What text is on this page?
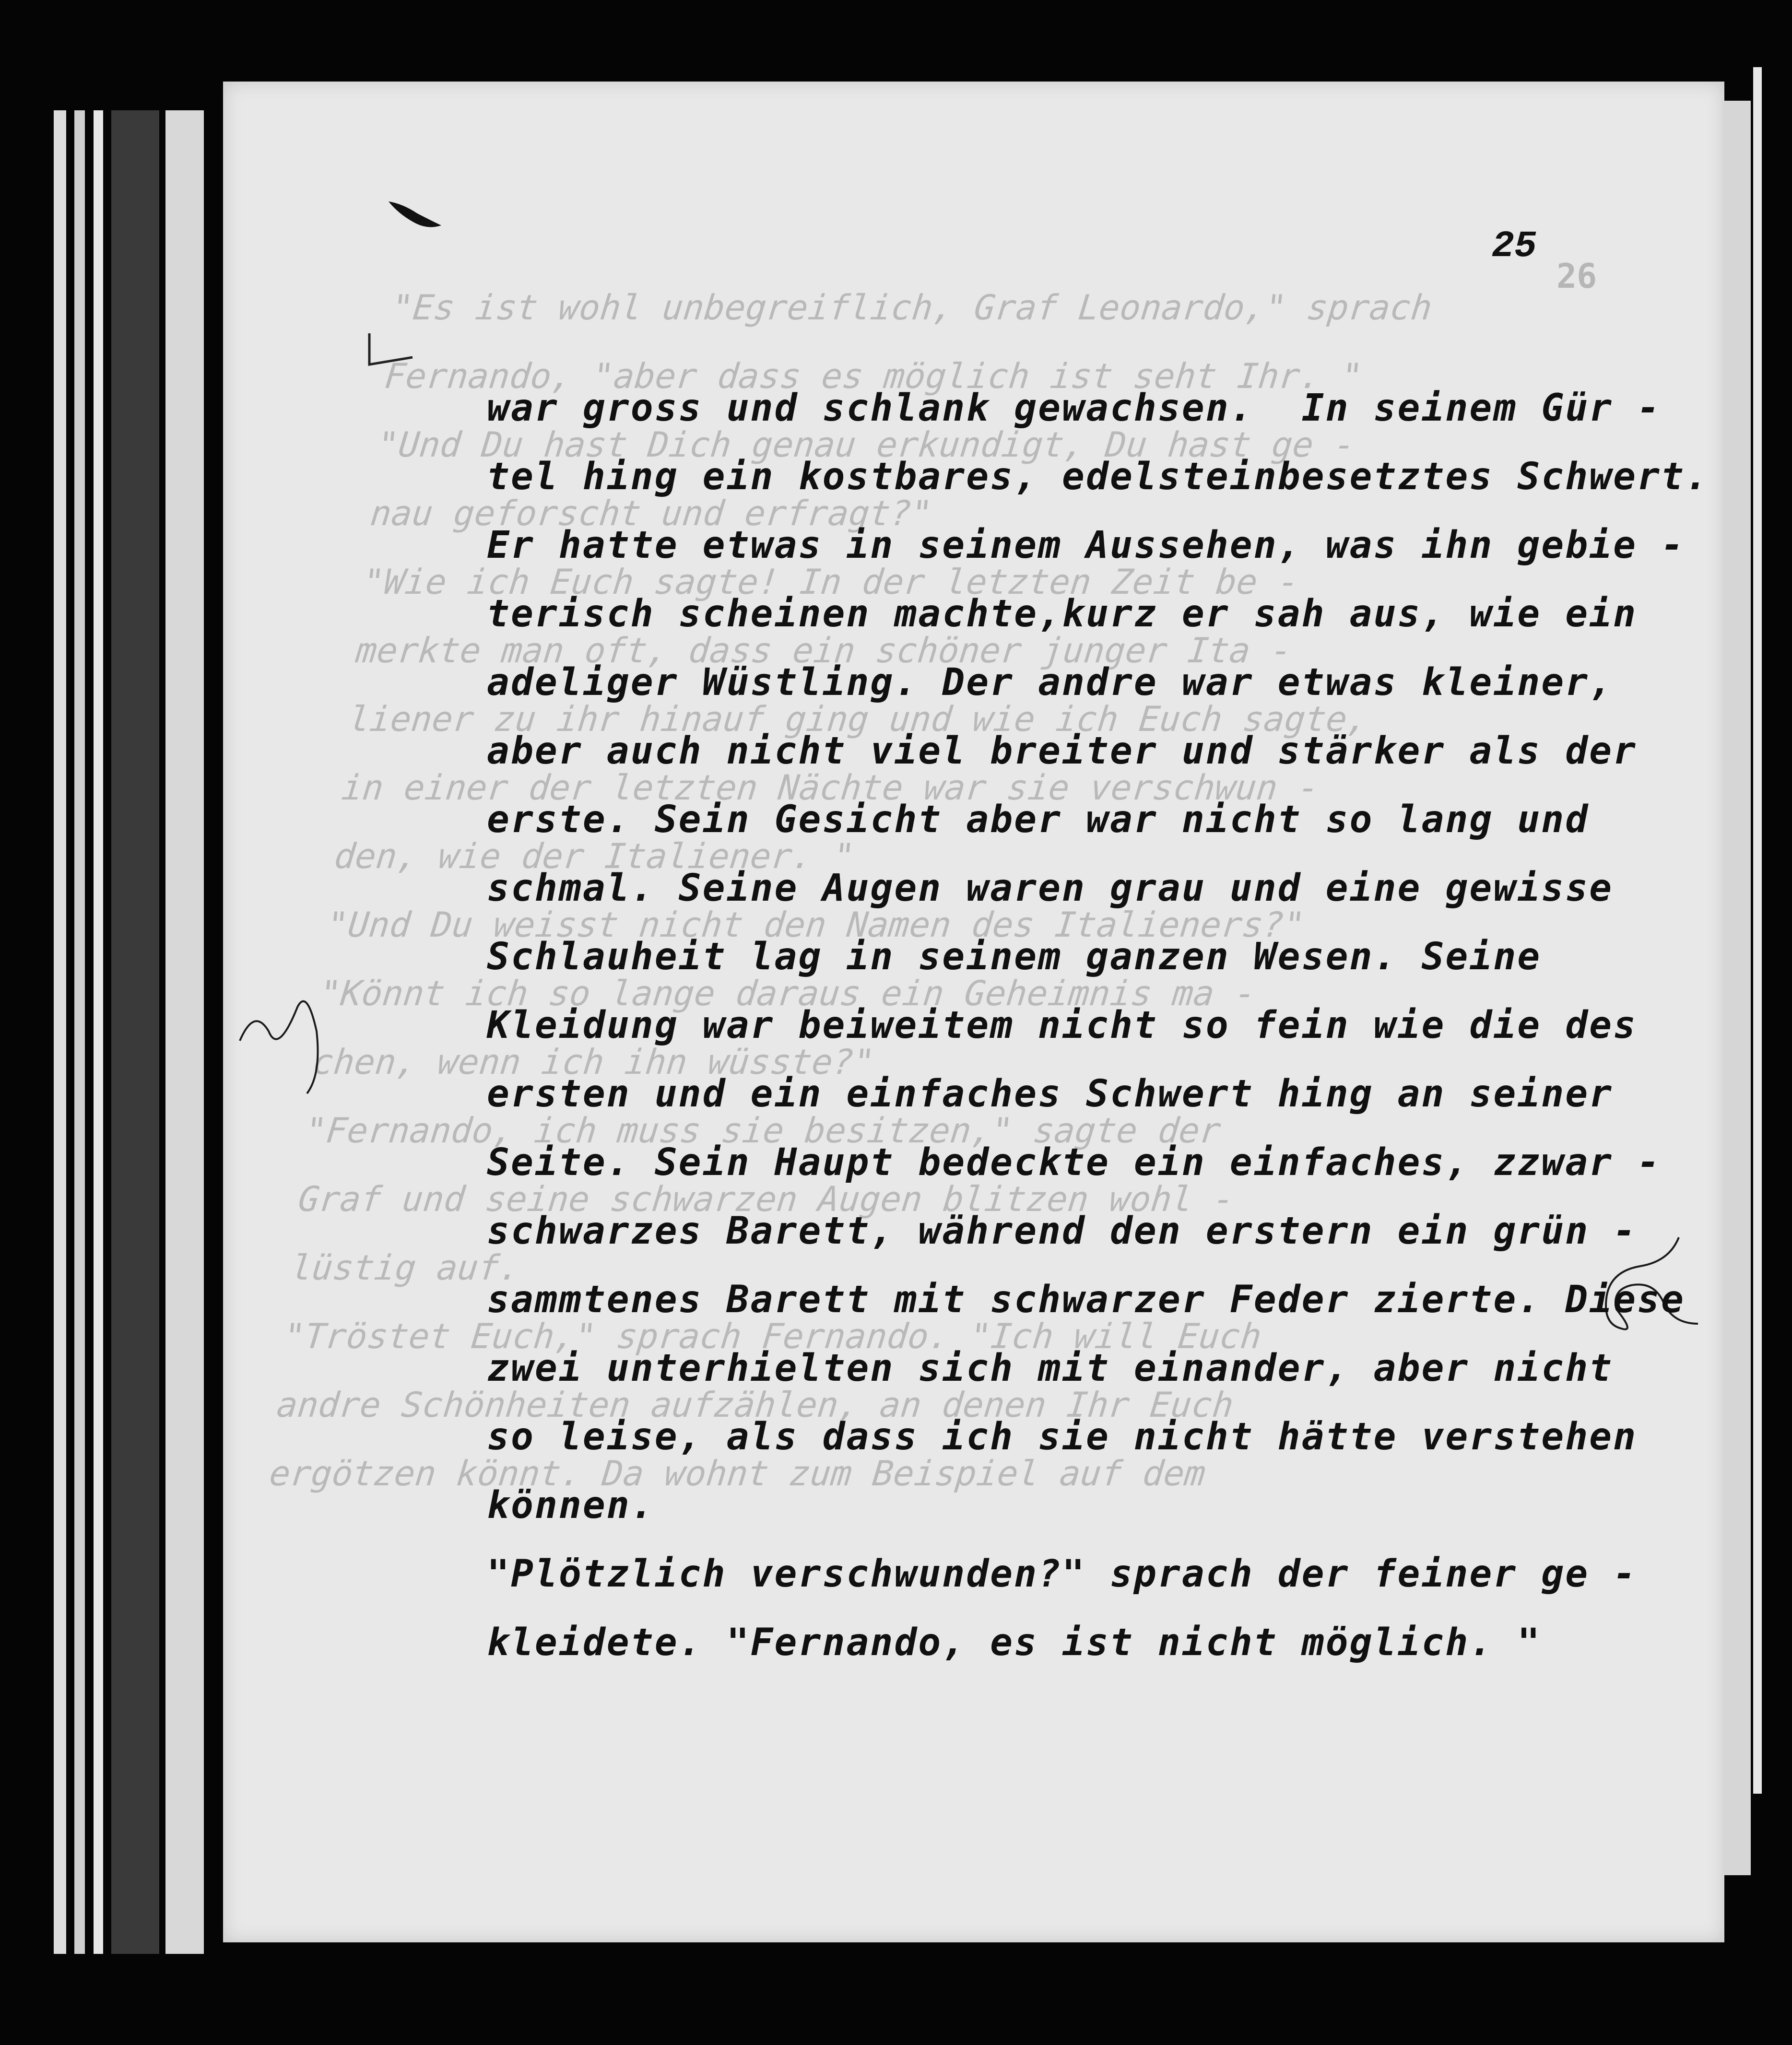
26
"Es ist wohl unbegreiflich, Graf Leonardo," sprach
Fernando, "aber dass es möglich ist seht Ihr. "
"Und Du hast Dich genau erkundigt, Du hast ge -
nau geforscht und erfragt?"
"Wie ich Euch sagte! In der letzten Zeit be -
merkte man oft, dass ein schöner junger Ita -
liener zu ihr hinauf ging und wie ich Euch sagte,
in einer der letzten Nächte war sie verschwun -
den, wie der Italiener. "
"Und Du weisst nicht den Namen des Italieners?"
"Könnt ich so lange daraus ein Geheimnis ma -
chen, wenn ich ihn wüsste?"
"Fernando, ich muss sie besitzen," sagte der
Graf und seine schwarzen Augen blitzen wohl -
lüstig auf.
"Tröstet Euch," sprach Fernando. "Ich will Euch
andre Schönheiten aufzählen, an denen Ihr Euch
ergötzen könnt. Da wohnt zum Beispiel auf dem
25
war gross und schlank gewachsen.  In seinem Gür -
tel hing ein kostbares, edelsteinbesetztes Schwert.
Er hatte etwas in seinem Aussehen, was ihn gebie -
terisch scheinen machte,kurz er sah aus, wie ein
adeliger Wüstling. Der andre war etwas kleiner,
aber auch nicht viel breiter und stärker als der
erste. Sein Gesicht aber war nicht so lang und
schmal. Seine Augen waren grau und eine gewisse
Schlauheit lag in seinem ganzen Wesen. Seine
Kleidung war beiweitem nicht so fein wie die des
ersten und ein einfaches Schwert hing an seiner
Seite. Sein Haupt bedeckte ein einfaches, zzwar -
schwarzes Barett, während den erstern ein grün -
sammtenes Barett mit schwarzer Feder zierte. Diese
zwei unterhielten sich mit einander, aber nicht
so leise, als dass ich sie nicht hätte verstehen
können.
"Plötzlich verschwunden?" sprach der feiner ge -
kleidete. "Fernando, es ist nicht möglich. "
